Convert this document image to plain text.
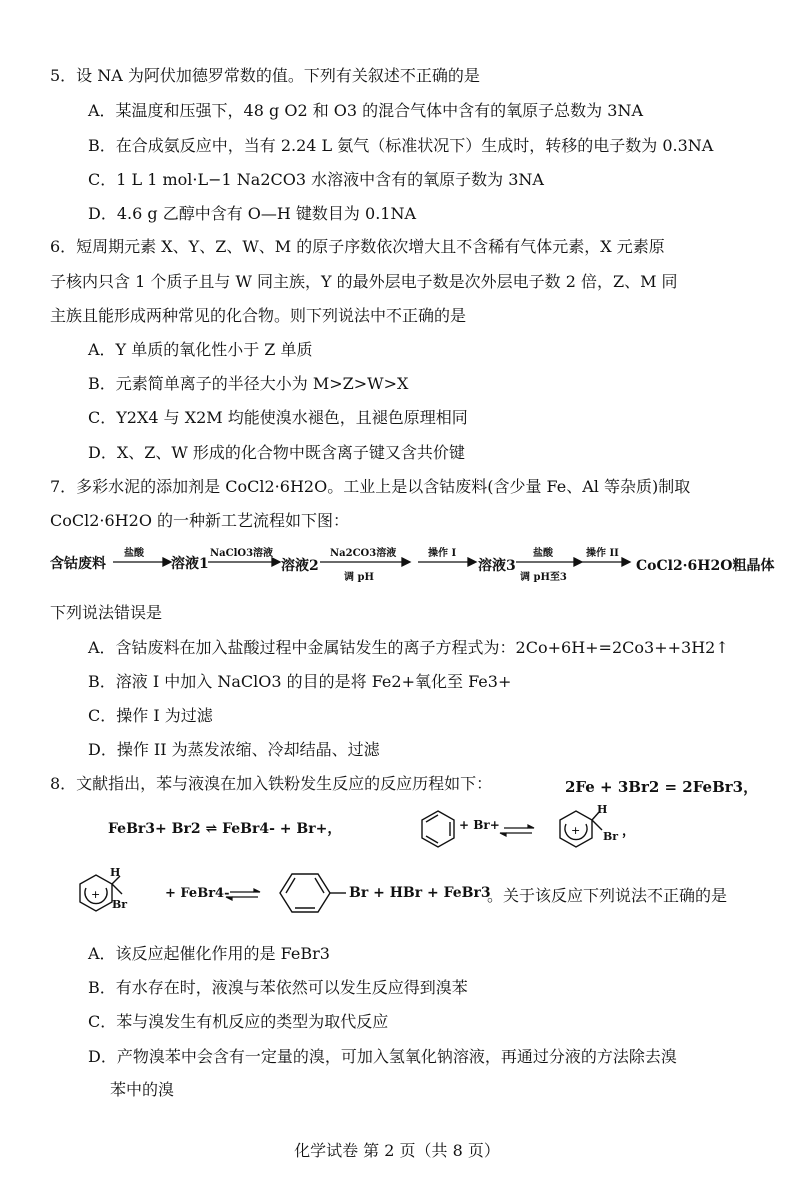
5．设 NA 为阿伏加德罗常数的值。下列有关叙述不正确的是
A．某温度和压强下，48 g O2 和 O3 的混合气体中含有的氧原子总数为 3NA
B．在合成氨反应中，当有 2.24 L 氨气（标准状况下）生成时，转移的电子数为 0.3NA
C．1 L 1 mol·L−1 Na2CO3 水溶液中含有的氧原子数为 3NA
D．4.6 g 乙醇中含有 O—H 键数目为 0.1NA
6．短周期元素 X、Y、Z、W、M 的原子序数依次增大且不含稀有气体元素，X 元素原
子核内只含 1 个质子且与 W 同主族，Y 的最外层电子数是次外层电子数 2 倍，Z、M 同
主族且能形成两种常见的化合物。则下列说法中不正确的是
A．Y 单质的氧化性小于 Z 单质
B．元素简单离子的半径大小为 M>Z>W>X
C．Y2X4 与 X2M 均能使溴水褪色，且褪色原理相同
D．X、Z、W 形成的化合物中既含离子键又含共价键
7．多彩水泥的添加剂是 CoCl2·6H2O。工业上是以含钴废料(含少量 Fe、Al 等杂质)制取
CoCl2·6H2O 的一种新工艺流程如下图：
含钴废料
盐酸
溶液1
NaClO3溶液
溶液2
Na2CO3溶液
调 pH
操作 I
溶液3
盐酸
调 pH至3
操作 II
CoCl2·6H2O粗晶体
下列说法错误是
A．含钴废料在加入盐酸过程中金属钴发生的离子方程式为：2Co+6H+=2Co3++3H2↑
B．溶液 I 中加入 NaClO3 的目的是将 Fe2+氧化至 Fe3+
C．操作 I 为过滤
D．操作 II 为蒸发浓缩、冷却结晶、过滤
8．文献指出，苯与液溴在加入铁粉发生反应的反应历程如下：	2Fe + 3Br2 = 2FeBr3，
FeBr3+ Br2 ⇌ FeBr4- + Br+，	+
+ Br+
H
Br ，
+
H
Br
+ FeBr4-	Br + HBr + FeBr3
。关于该反应下列说法不正确的是
A．该反应起催化作用的是 FeBr3
B．有水存在时，液溴与苯依然可以发生反应得到溴苯
C．苯与溴发生有机反应的类型为取代反应
D．产物溴苯中会含有一定量的溴，可加入氢氧化钠溶液，再通过分液的方法除去溴
苯中的溴
化学试卷 第 2 页（共 8 页）
